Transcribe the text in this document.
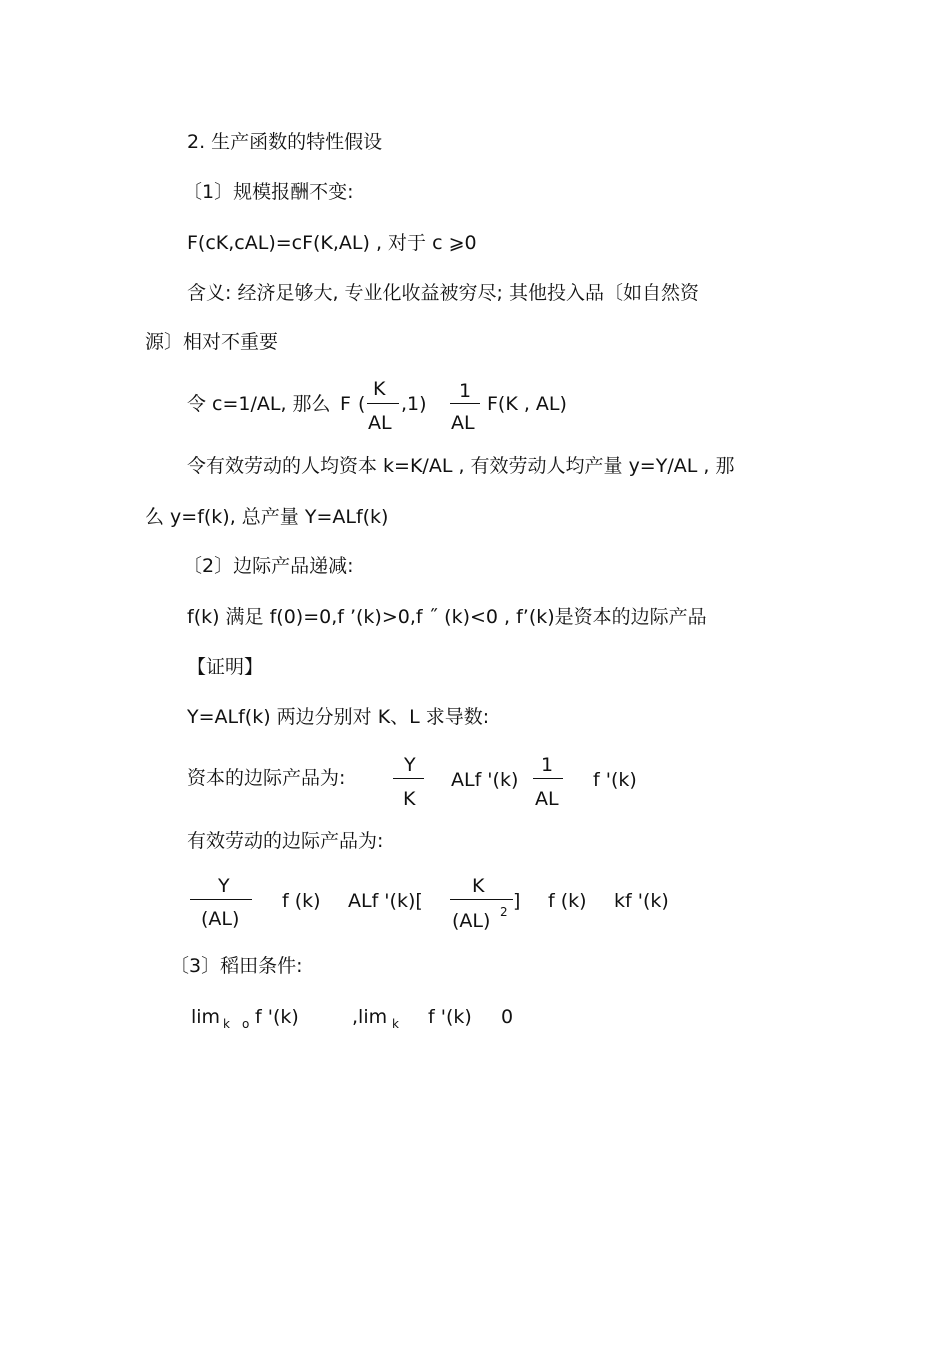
2. 生产函数的特性假设
〔1〕规模报酬不变:
F(cK,cAL)=cF(K,AL) , 对于 c ⩾0
含义: 经济足够大, 专业化收益被穷尽; 其他投入品〔如自然资
源〕相对不重要
令 c=1/AL, 那么 F (
K
AL
,1)
1
AL
F(K , AL)
令有效劳动的人均资本 k=K/AL , 有效劳动人均产量 y=Y/AL , 那
么 y=f(k), 总产量 Y=ALf(k)
〔2〕边际产品递减:
f(k) 满足 f(0)=0,f ’(k)>0,f ˝ (k)<0 , f’(k)是资本的边际产品
【证明】
Y=ALf(k) 两边分别对 K、L 求导数:
资本的边际产品为:
Y
K
ALf '(k)
1
AL
f '(k)
有效劳动的边际产品为:
Y
(AL)
f (k) ALf '(k)[
K
(AL) 2 ] f (k) kf '(k)
〔3〕稻田条件:
lim k o f '(k)	,lim k f '(k) 0
